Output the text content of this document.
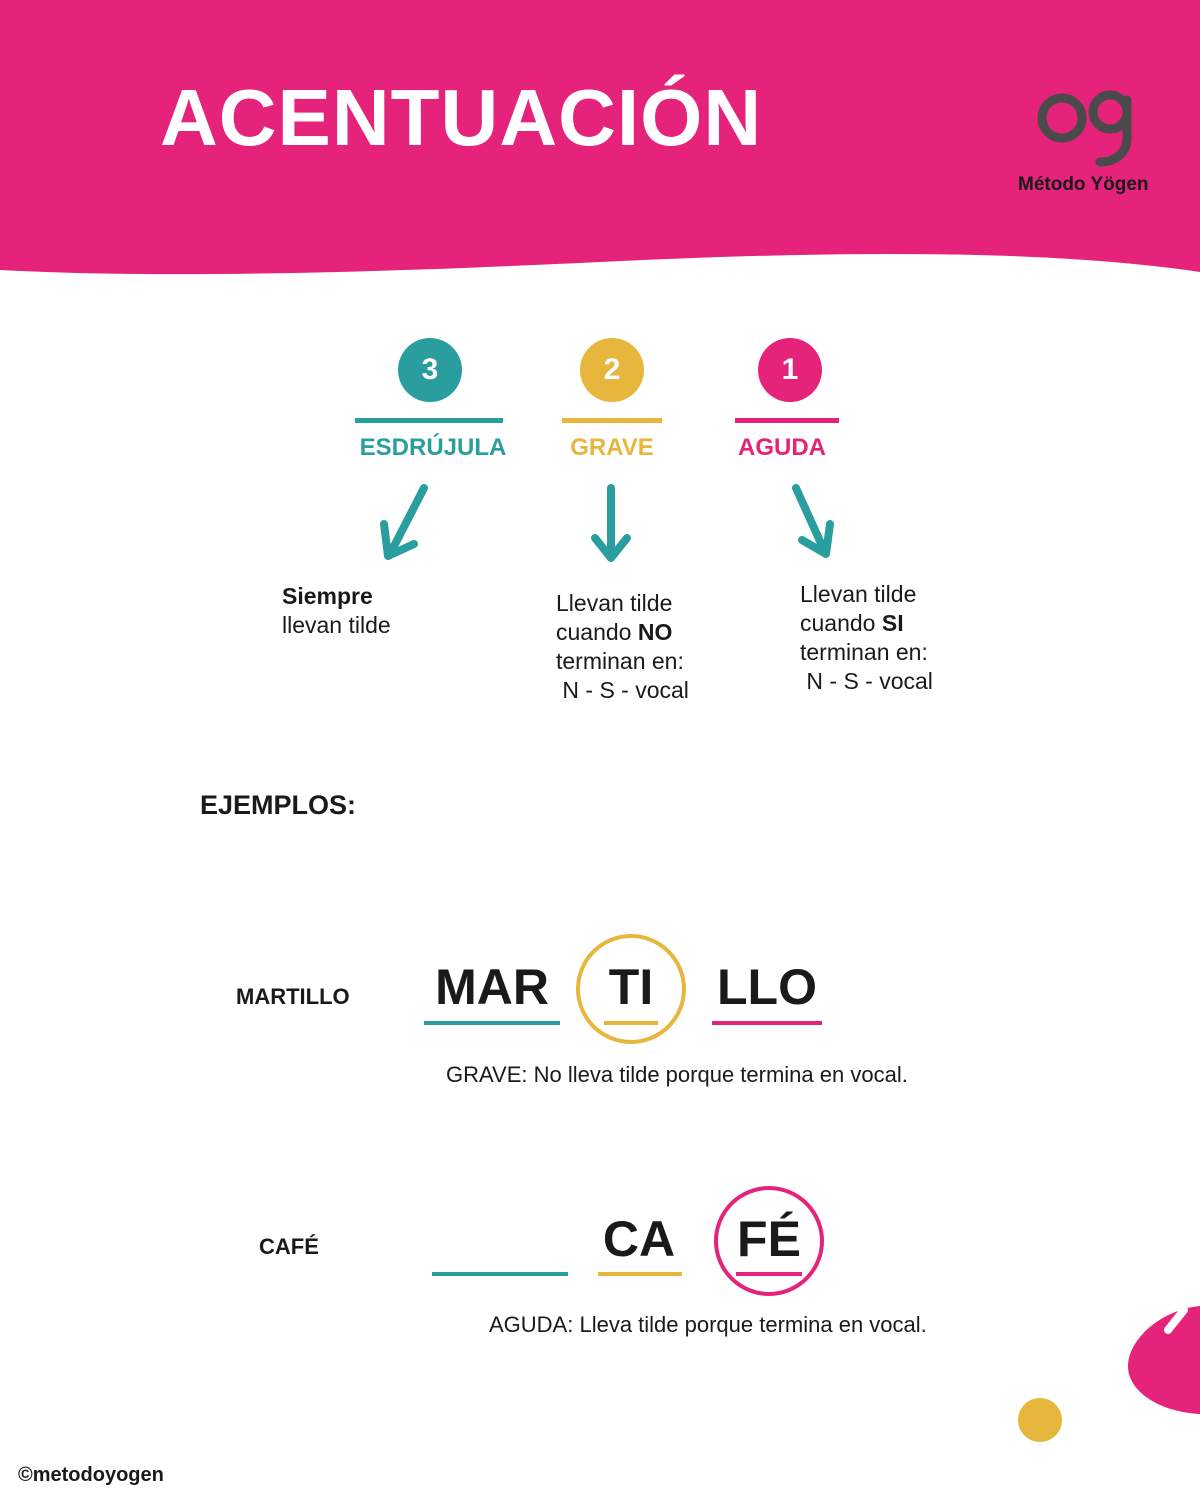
ACENTUACIÓN
Método Yögen
3
ESDRÚJULA
2
GRAVE
1
AGUDA
Siempre
llevan tilde
Llevan tilde
cuando NO
terminan en:
N - S - vocal
Llevan tilde
cuando SI
terminan en:
N - S - vocal
EJEMPLOS:
MARTILLO MAR	TI	LLO
GRAVE: No lleva tilde porque termina en vocal.
CAFÉ	CA	FÉ
AGUDA: Lleva tilde porque termina en vocal.
©metodoyogen
